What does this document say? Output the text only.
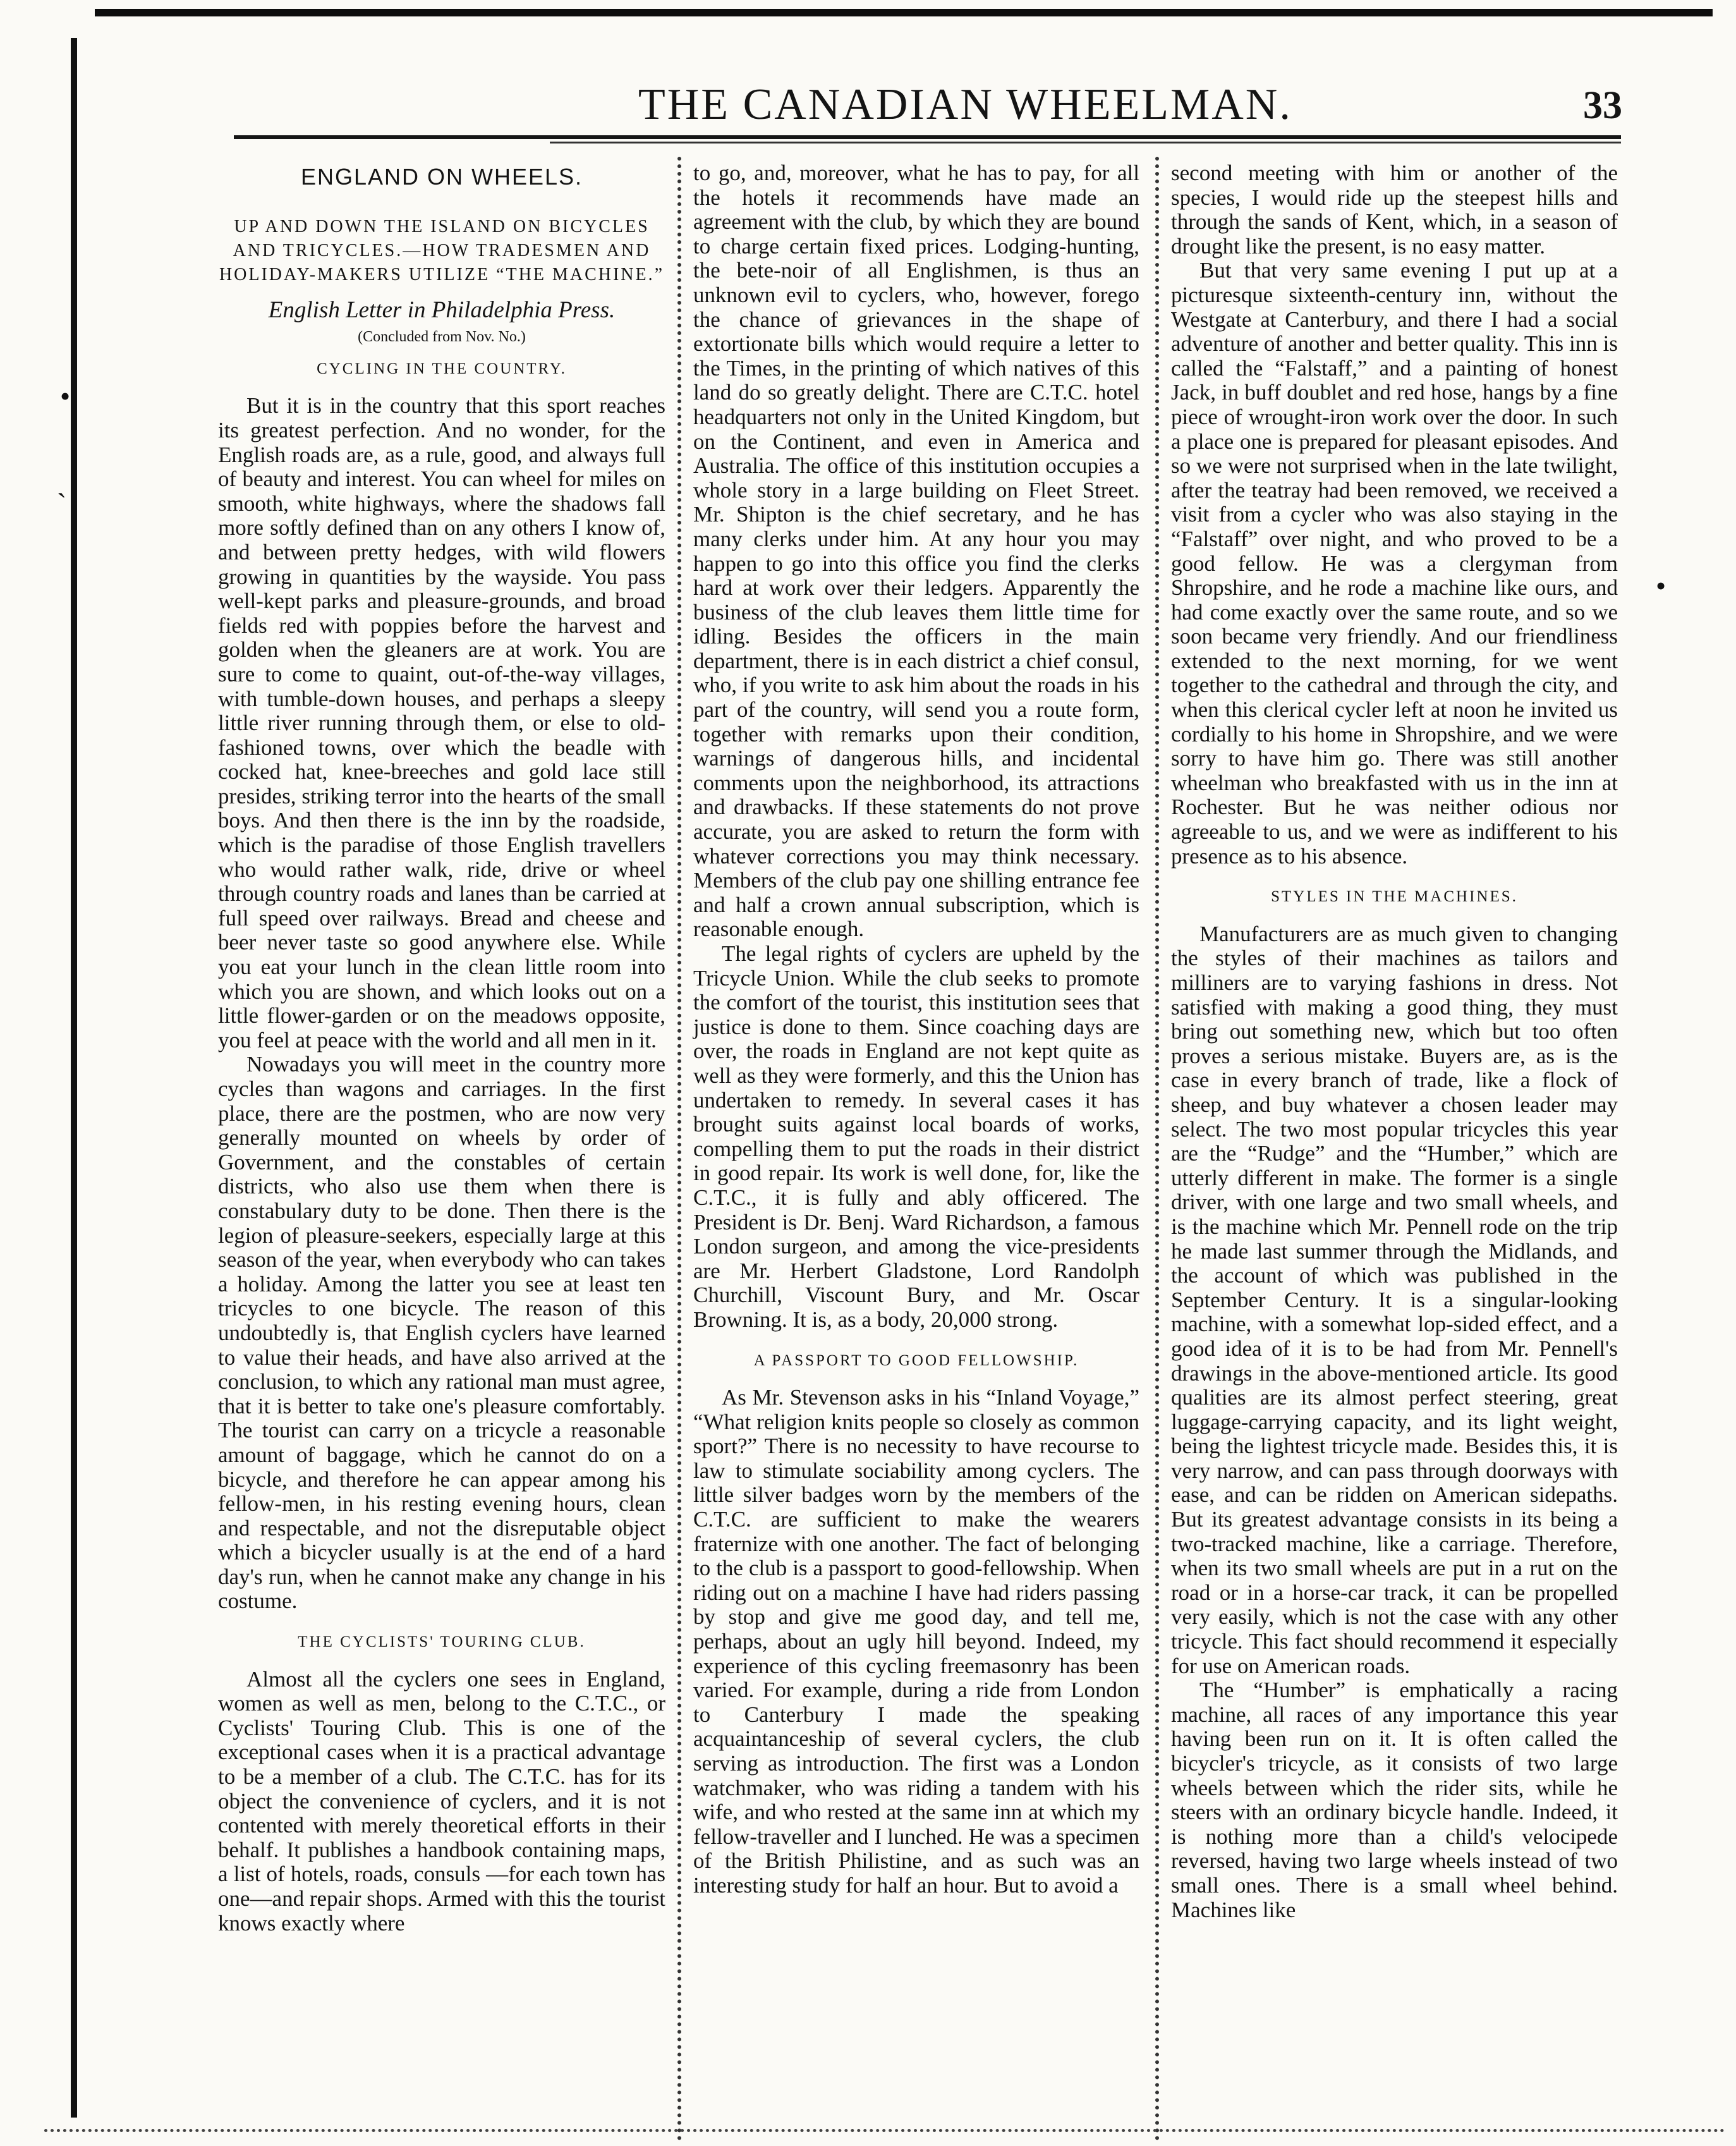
•
`
•
THE CANADIAN WHEELMAN.	33
ENGLAND ON WHEELS.
UP AND DOWN THE ISLAND ON BICYCLES AND TRICYCLES.—HOW TRADESMEN AND HOLIDAY-MAKERS UTILIZE “THE MACHINE.”
English Letter in Philadelphia Press.
(Concluded from Nov. No.)
CYCLING IN THE COUNTRY.

But it is in the country that this sport reaches its greatest perfection. And no wonder, for the English roads are, as a rule, good, and always full of beauty and interest. You can wheel for miles on smooth, white highways, where the shadows fall more softly defined than on any others I know of, and between pretty hedges, with wild flowers growing in quantities by the wayside. You pass well-kept parks and pleasure-grounds, and broad fields red with poppies before the harvest and golden when the gleaners are at work. You are sure to come to quaint, out-of-the-way villages, with tumble-down houses, and perhaps a sleepy little river running through them, or else to old-fashioned towns, over which the beadle with cocked hat, knee-breeches and gold lace still presides, striking terror into the hearts of the small boys. And then there is the inn by the roadside, which is the paradise of those English travellers who would rather walk, ride, drive or wheel through country roads and lanes than be carried at full speed over railways. Bread and cheese and beer never taste so good anywhere else. While you eat your lunch in the clean little room into which you are shown, and which looks out on a little flower-garden or on the meadows opposite, you feel at peace with the world and all men in it.

Nowadays you will meet in the country more cycles than wagons and carriages. In the first place, there are the postmen, who are now very generally mounted on wheels by order of Government, and the constables of certain districts, who also use them when there is constabulary duty to be done. Then there is the legion of pleasure-seekers, especially large at this season of the year, when everybody who can takes a holiday. Among the latter you see at least ten tricycles to one bicycle. The reason of this undoubtedly is, that English cyclers have learned to value their heads, and have also arrived at the conclusion, to which any rational man must agree, that it is better to take one's pleasure comfortably. The tourist can carry on a tricycle a reasonable amount of baggage, which he cannot do on a bicycle, and therefore he can appear among his fellow-men, in his resting evening hours, clean and respectable, and not the disreputable object which a bicycler usually is at the end of a hard day's run, when he cannot make any change in his costume.

THE CYCLISTS' TOURING CLUB.

Almost all the cyclers one sees in England, women as well as men, belong to the C.T.C., or Cyclists' Touring Club. This is one of the exceptional cases when it is a practical advantage to be a member of a club. The C.T.C. has for its object the convenience of cyclers, and it is not contented with merely theoretical efforts in their behalf. It publishes a handbook containing maps, a list of hotels, roads, consuls —for each town has one—and repair shops. Armed with this the tourist knows exactly where

to go, and, moreover, what he has to pay, for all the hotels it recommends have made an agreement with the club, by which they are bound to charge certain fixed prices. Lodging-hunting, the bete-noir of all Englishmen, is thus an unknown evil to cyclers, who, however, forego the chance of grievances in the shape of extortionate bills which would require a letter to the Times, in the printing of which natives of this land do so greatly delight. There are C.T.C. hotel headquarters not only in the United Kingdom, but on the Continent, and even in America and Australia. The office of this institution occupies a whole story in a large building on Fleet Street. Mr. Shipton is the chief secretary, and he has many clerks under him. At any hour you may happen to go into this office you find the clerks hard at work over their ledgers. Apparently the business of the club leaves them little time for idling. Besides the officers in the main department, there is in each district a chief consul, who, if you write to ask him about the roads in his part of the country, will send you a route form, together with remarks upon their condition, warnings of dangerous hills, and incidental comments upon the neighborhood, its attractions and drawbacks. If these statements do not prove accurate, you are asked to return the form with whatever corrections you may think necessary. Members of the club pay one shilling entrance fee and half a crown annual subscription, which is reasonable enough.

The legal rights of cyclers are upheld by the Tricycle Union. While the club seeks to promote the comfort of the tourist, this institution sees that justice is done to them. Since coaching days are over, the roads in England are not kept quite as well as they were formerly, and this the Union has undertaken to remedy. In several cases it has brought suits against local boards of works, compelling them to put the roads in their district in good repair. Its work is well done, for, like the C.T.C., it is fully and ably officered. The President is Dr. Benj. Ward Richardson, a famous London surgeon, and among the vice-presidents are Mr. Herbert Gladstone, Lord Randolph Churchill, Viscount Bury, and Mr. Oscar Browning. It is, as a body, 20,000 strong.

A PASSPORT TO GOOD FELLOWSHIP.

As Mr. Stevenson asks in his “Inland Voyage,” “What religion knits people so closely as common sport?” There is no necessity to have recourse to law to stimulate sociability among cyclers. The little silver badges worn by the members of the C.T.C. are sufficient to make the wearers fraternize with one another. The fact of belonging to the club is a passport to good-fellowship. When riding out on a machine I have had riders passing by stop and give me good day, and tell me, perhaps, about an ugly hill beyond. Indeed, my experience of this cycling freemasonry has been varied. For example, during a ride from London to Canterbury I made the speaking acquaintanceship of several cyclers, the club serving as introduction. The first was a London watchmaker, who was riding a tandem with his wife, and who rested at the same inn at which my fellow-traveller and I lunched. He was a specimen of the British Philistine, and as such was an interesting study for half an hour. But to avoid a

second meeting with him or another of the species, I would ride up the steepest hills and through the sands of Kent, which, in a season of drought like the present, is no easy matter.

But that very same evening I put up at a picturesque sixteenth-century inn, without the Westgate at Canterbury, and there I had a social adventure of another and better quality. This inn is called the “Falstaff,” and a painting of honest Jack, in buff doublet and red hose, hangs by a fine piece of wrought-iron work over the door. In such a place one is prepared for pleasant episodes. And so we were not surprised when in the late twilight, after the teatray had been removed, we received a visit from a cycler who was also staying in the “Falstaff” over night, and who proved to be a good fellow. He was a clergyman from Shropshire, and he rode a machine like ours, and had come exactly over the same route, and so we soon became very friendly. And our friendliness extended to the next morning, for we went together to the cathedral and through the city, and when this clerical cycler left at noon he invited us cordially to his home in Shropshire, and we were sorry to have him go. There was still another wheelman who breakfasted with us in the inn at Rochester. But he was neither odious nor agreeable to us, and we were as indifferent to his presence as to his absence.

STYLES IN THE MACHINES.

Manufacturers are as much given to changing the styles of their machines as tailors and milliners are to varying fashions in dress. Not satisfied with making a good thing, they must bring out something new, which but too often proves a serious mistake. Buyers are, as is the case in every branch of trade, like a flock of sheep, and buy whatever a chosen leader may select. The two most popular tricycles this year are the “Rudge” and the “Humber,” which are utterly different in make. The former is a single driver, with one large and two small wheels, and is the machine which Mr. Pennell rode on the trip he made last summer through the Midlands, and the account of which was published in the September Century. It is a singular-looking machine, with a somewhat lop-sided effect, and a good idea of it is to be had from Mr. Pennell's drawings in the above-mentioned article. Its good qualities are its almost perfect steering, great luggage-carrying capacity, and its light weight, being the lightest tricycle made. Besides this, it is very narrow, and can pass through doorways with ease, and can be ridden on American sidepaths. But its greatest advantage consists in its being a two-tracked machine, like a carriage. Therefore, when its two small wheels are put in a rut on the road or in a horse-car track, it can be propelled very easily, which is not the case with any other tricycle. This fact should recommend it especially for use on American roads.

The “Humber” is emphatically a racing machine, all races of any importance this year having been run on it. It is often called the bicycler's tricycle, as it consists of two large wheels between which the rider sits, while he steers with an ordinary bicycle handle. Indeed, it is nothing more than a child's velocipede reversed, having two large wheels instead of two small ones. There is a small wheel behind. Machines like
